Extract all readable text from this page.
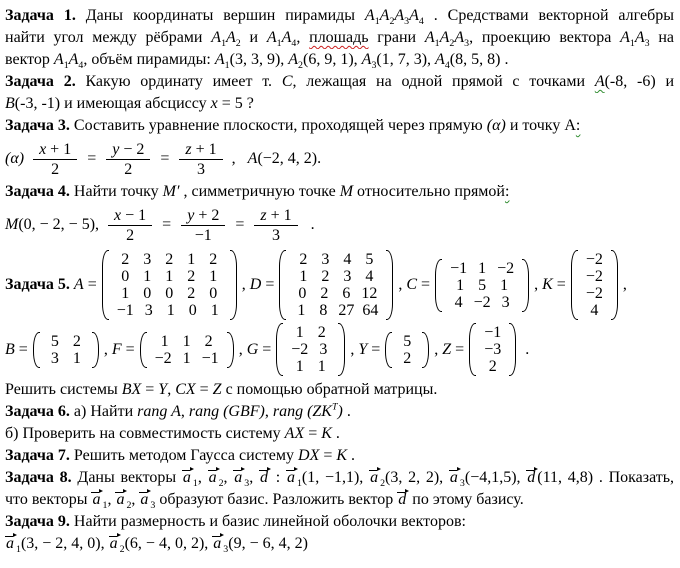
Задача 1. Даны координаты вершин пирамиды $A_1A_2A_3A_4$ . Средствами векторной алгебры
найти угол между рёбрами $A_1A_2$ и $A_1A_4$, плошадь грани $A_1A_2A_3$, проекцию вектора $A_1A_3$ на
вектор $A_1A_4$, объём пирамиды: $A_1(3$, 3, 9), $A_2(6$, 9, 1), $A_3(1$, 7, 3), $A_4(8$, 5, 8) .
Задача 2. Какую ординату имеет т. C, лежащая на одной прямой с точками A(-8, -6) и
B(-3, -1) и имеющая абсциссу x = 5 ?
Задача 3. Составить уравнение плоскости, проходящей через прямую (α) и точку А:
$(\alpha) \frac{x + 1}{2} = \frac{y - 2}{2} = \frac{z + 1}{3}$ ,   A(−2, 4, 2).
Задача 4. Найти точку M′ , симметричную точке M относительно прямой:
M(0, − 2, − 5), $\frac{x - 1}{2} = \frac{y + 2}{-1} = \frac{z + 1}{3}$ .
Задача 5. A =
2 3 2 1 2
0 1 1 2 1
1 0 0 2 0
−1 3 1 0 1
, D =
2 3 4 5
1 2 3 4
0 2 6 12
1 8 27 64
, C =
−1 1 −2
1 5 1
4 −2 3
, K =
−2
−2
−2
4
,
B =	5 2
3 1
, F =	1 1 2
−2 1 −1
, G =
1 2
−2 3
1 1
, Y =	5
2
, Z =
−1
−3
2
.
Решить системы BX = Y, CX = Z с помощью обратной матрицы.
Задача 6. а) Найти rang A, rang (GBF), rang $(ZK^T)$ .
б) Проверить на совместимость систему AX = K .
Задача 7. Решить методом Гаусса систему DX = K .
Задача 8. Даны векторы a $_1$, a $_2$, a $_3$, d : a $_1$(1, −1,1), a $_2$(3, 2, 2), a $_3$(−4,1,5), d (11, 4,8) . Показать,
что векторы a $_1$, a $_2$, a $_3$ образуют базис. Разложить вектор d по этому базису.
Задача 9. Найти размерность и базис линейной оболочки векторов:
a $_1$(3, − 2, 4, 0), a $_2$(6, − 4, 0, 2), a $_3$(9, − 6, 4, 2)
